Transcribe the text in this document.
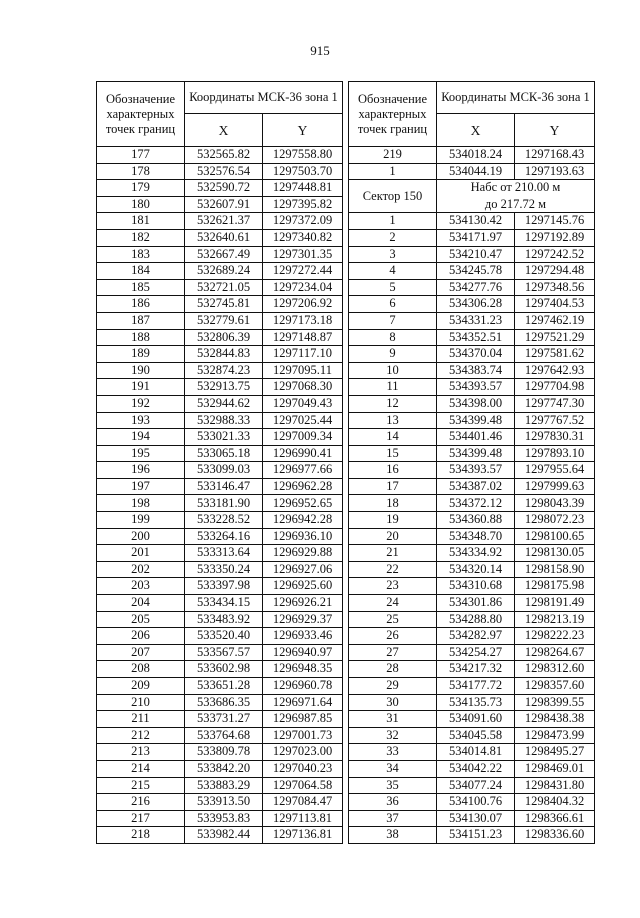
915
Обозначение характерных точек границ	Координаты МСК-36 зона 1	
	X	Y
177	532565.82	1297558.80
178	532576.54	1297503.70
179	532590.72	1297448.81
180	532607.91	1297395.82
181	532621.37	1297372.09
182	532640.61	1297340.82
183	532667.49	1297301.35
184	532689.24	1297272.44
185	532721.05	1297234.04
186	532745.81	1297206.92
187	532779.61	1297173.18
188	532806.39	1297148.87
189	532844.83	1297117.10
190	532874.23	1297095.11
191	532913.75	1297068.30
192	532944.62	1297049.43
193	532988.33	1297025.44
194	533021.33	1297009.34
195	533065.18	1296990.41
196	533099.03	1296977.66
197	533146.47	1296962.28
198	533181.90	1296952.65
199	533228.52	1296942.28
200	533264.16	1296936.10
201	533313.64	1296929.88
202	533350.24	1296927.06
203	533397.98	1296925.60
204	533434.15	1296926.21
205	533483.92	1296929.37
206	533520.40	1296933.46
207	533567.57	1296940.97
208	533602.98	1296948.35
209	533651.28	1296960.78
210	533686.35	1296971.64
211	533731.27	1296987.85
212	533764.68	1297001.73
213	533809.78	1297023.00
214	533842.20	1297040.23
215	533883.29	1297064.58
216	533913.50	1297084.47
217	533953.83	1297113.81
218	533982.44	1297136.81
Обозначение характерных точек границ	Координаты МСК-36 зона 1	
	X	Y
219	534018.24	1297168.43
1	534044.19	1297193.63
Сектор 150	Набс от 210.00 м	
	до 217.72 м	
1	534130.42	1297145.76
2	534171.97	1297192.89
3	534210.47	1297242.52
4	534245.78	1297294.48
5	534277.76	1297348.56
6	534306.28	1297404.53
7	534331.23	1297462.19
8	534352.51	1297521.29
9	534370.04	1297581.62
10	534383.74	1297642.93
11	534393.57	1297704.98
12	534398.00	1297747.30
13	534399.48	1297767.52
14	534401.46	1297830.31
15	534399.48	1297893.10
16	534393.57	1297955.64
17	534387.02	1297999.63
18	534372.12	1298043.39
19	534360.88	1298072.23
20	534348.70	1298100.65
21	534334.92	1298130.05
22	534320.14	1298158.90
23	534310.68	1298175.98
24	534301.86	1298191.49
25	534288.80	1298213.19
26	534282.97	1298222.23
27	534254.27	1298264.67
28	534217.32	1298312.60
29	534177.72	1298357.60
30	534135.73	1298399.55
31	534091.60	1298438.38
32	534045.58	1298473.99
33	534014.81	1298495.27
34	534042.22	1298469.01
35	534077.24	1298431.80
36	534100.76	1298404.32
37	534130.07	1298366.61
38	534151.23	1298336.60
